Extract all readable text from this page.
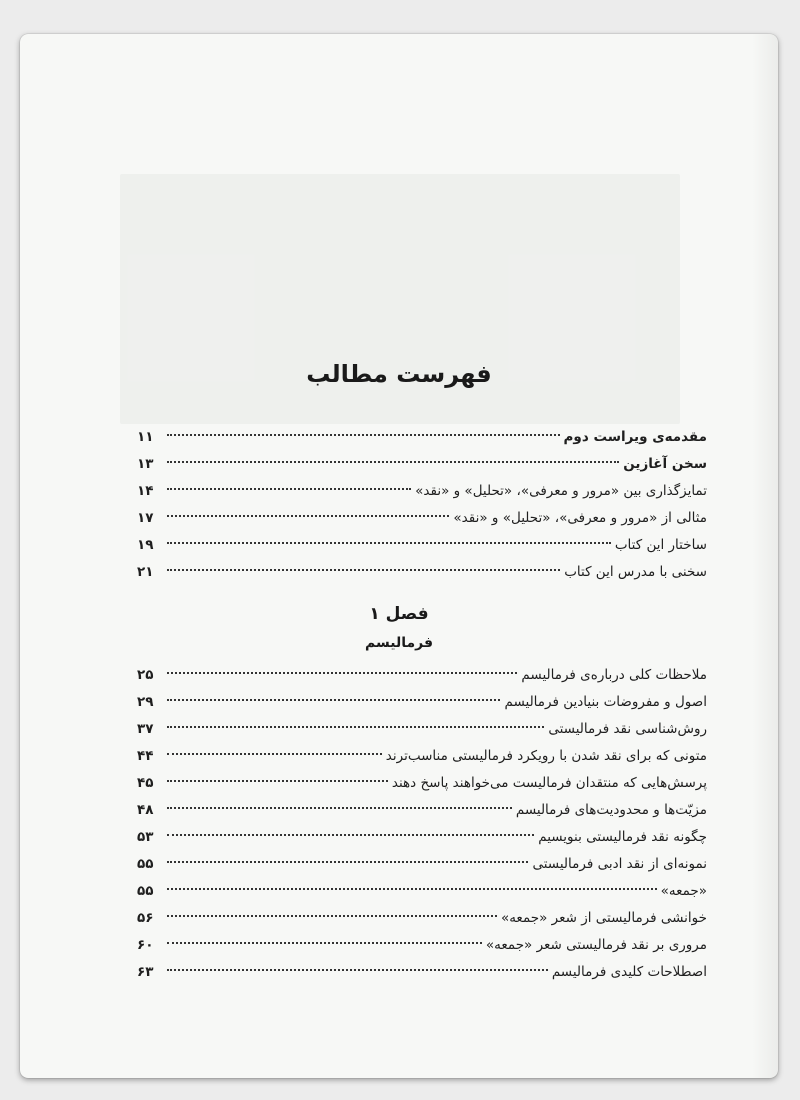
فهرست مطالب
مقدمه‌ی ویراست دوم
۱۱
سخن آغازین
۱۳
تمایزگذاری بین «مرور و معرفی»، «تحلیل» و «نقد»
۱۴
مثالی از «مرور و معرفی»، «تحلیل» و «نقد»
۱۷
ساختار این کتاب
۱۹
سخنی با مدرس این کتاب
۲۱
فصل ۱
فرمالیسم
ملاحظات کلی درباره‌ی فرمالیسم
۲۵
اصول و مفروضات بنیادین فرمالیسم
۲۹
روش‌شناسی نقد فرمالیستی
۳۷
متونی که برای نقد شدن با رویکرد فرمالیستی مناسب‌ترند
۴۴
پرسش‌هایی که منتقدان فرمالیست می‌خواهند پاسخ دهند
۴۵
مزیّت‌ها و محدودیت‌های فرمالیسم
۴۸
چگونه نقد فرمالیستی بنویسیم
۵۳
نمونه‌ای از نقد ادبی فرمالیستی
۵۵
«جمعه»
۵۵
خوانشی فرمالیستی از شعر «جمعه»
۵۶
مروری بر نقد فرمالیستی شعر «جمعه»
۶۰
اصطلاحات کلیدی فرمالیسم
۶۳
